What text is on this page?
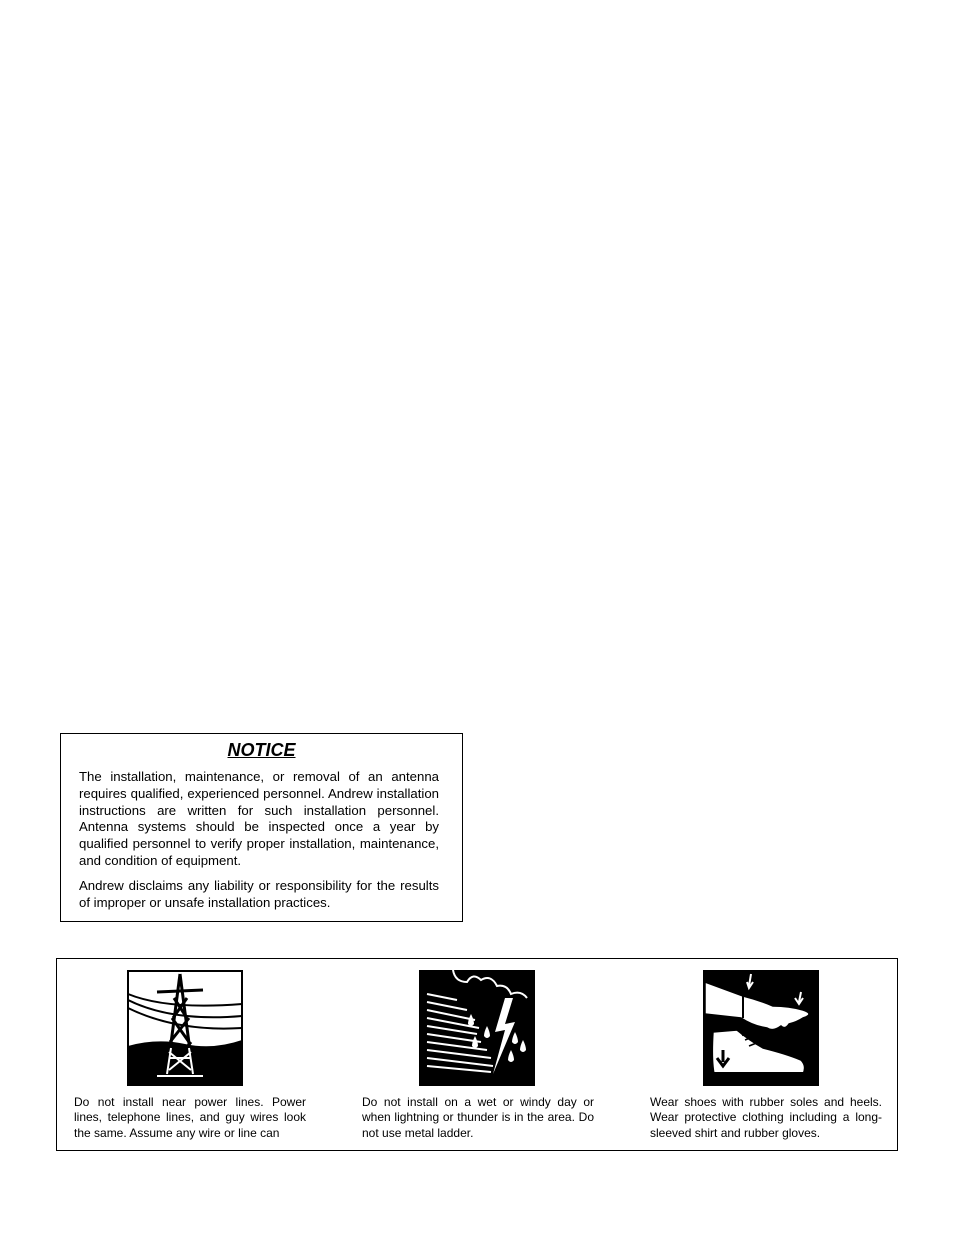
NOTICE

The installation, maintenance, or removal of an antenna requires qualified, experienced personnel. Andrew installation instructions are written for such installation personnel. Antenna systems should be inspected once a year by qualified personnel to verify proper installation, maintenance, and condition of equipment.

Andrew disclaims any liability or responsibility for the results of improper or unsafe installation practices.

Do not install near power lines. Power lines, telephone lines, and guy wires look the same. Assume any wire or line can

Do not install on a wet or windy day or when lightning or thunder is in the area. Do not use metal ladder.

Wear shoes with rubber soles and heels. Wear protective clothing including a long-sleeved shirt and rubber gloves.
